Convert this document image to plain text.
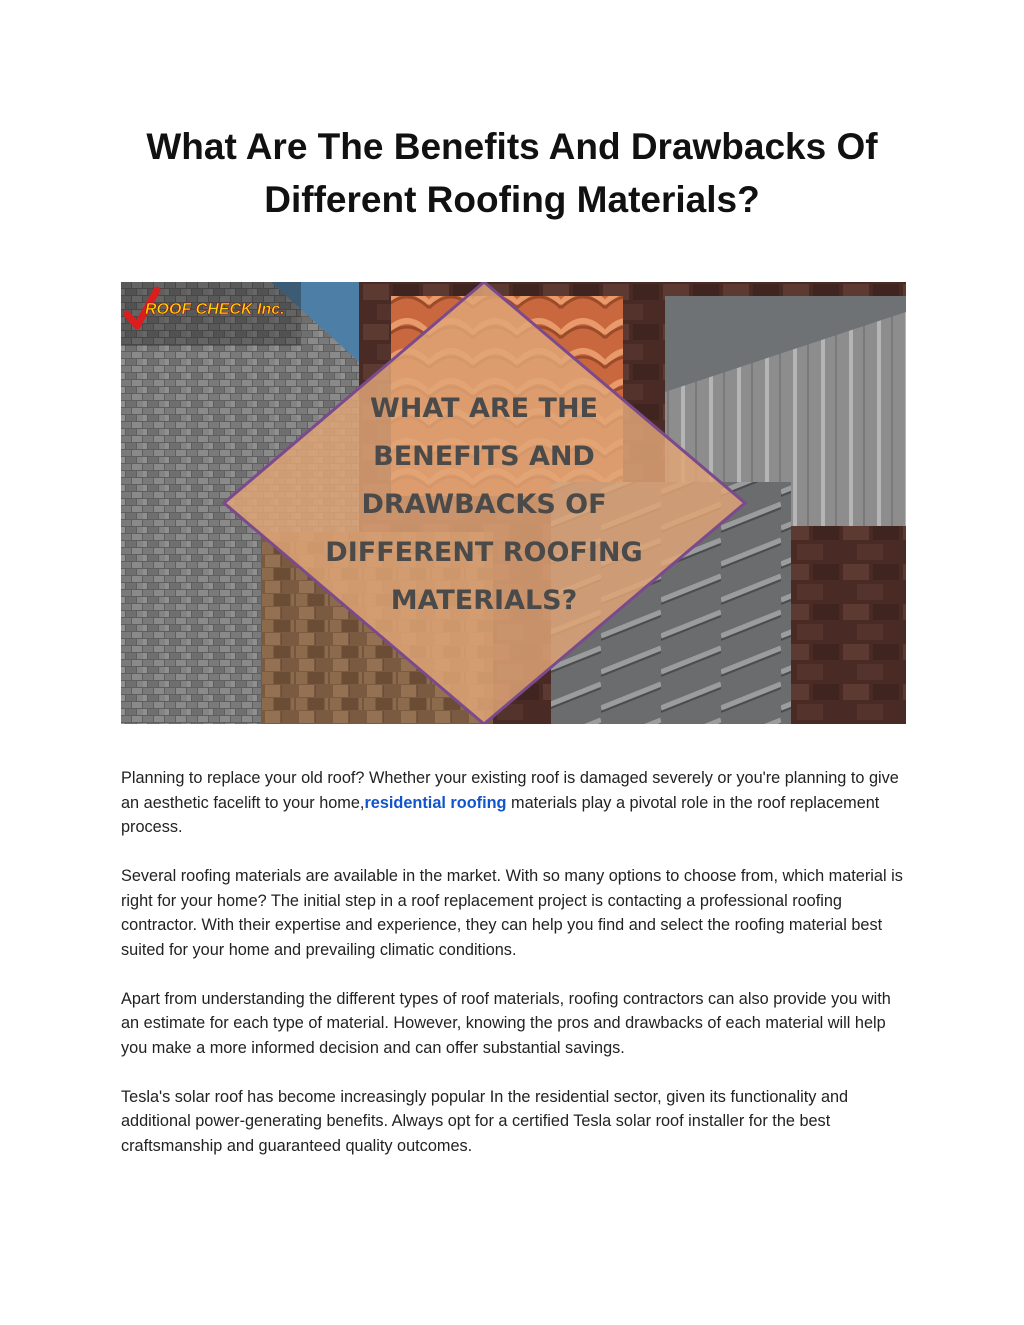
What Are The Benefits And Drawbacks Of Different Roofing Materials?
ROOF CHECK Inc.
WHAT ARE THE
BENEFITS AND
DRAWBACKS OF
DIFFERENT ROOFING
MATERIALS?

Planning to replace your old roof? Whether your existing roof is damaged severely or you're planning to give an aesthetic facelift to your home,residential roofing materials play a pivotal role in the roof replacement process.

Several roofing materials are available in the market. With so many options to choose from, which material is right for your home? The initial step in a roof replacement project is contacting a professional roofing contractor. With their expertise and experience, they can help you find and select the roofing material best suited for your home and prevailing climatic conditions.

Apart from understanding the different types of roof materials, roofing contractors can also provide you with an estimate for each type of material. However, knowing the pros and drawbacks of each material will help you make a more informed decision and can offer substantial savings.

Tesla's solar roof has become increasingly popular In the residential sector, given its functionality and additional power-generating benefits. Always opt for a certified Tesla solar roof installer for the best craftsmanship and guaranteed quality outcomes.
